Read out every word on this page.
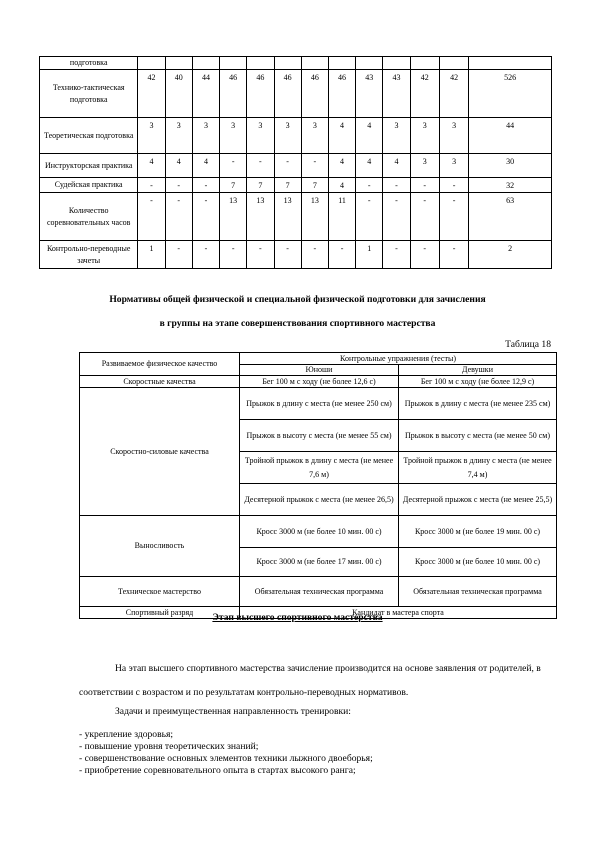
подготовка													
Технико-тактическая подготовка	42	40	44	46	46	46	46	46	43	43	42	42	526
Теоретическая подготовка	3	3	3	3	3	3	3	4	4	3	3	3	44
Инструкторская практика	4	4	4	-	-	-	-	4	4	4	3	3	30
Судейская практика	-	-	-	7	7	7	7	4	-	-	-	-	32
Количество соревновательных часов	-	-	-	13	13	13	13	11	-	-	-	-	63
Контрольно-переводные зачеты	1	-	-	-	-	-	-	-	1	-	-	-	2
Нормативы общей физической и специальной физической подготовки для зачисления
в группы на этапе совершенствования спортивного мастерства
Таблица 18
Развиваемое физическое качество	Контрольные упражнения (тесты)	
	Юноши	Девушки
Скоростные качества	Бег 100 м с ходу (не более 12,6 с)	Бег 100 м с ходу (не более 12,9 с)
Скоростно-силовые качества	Прыжок в длину с места (не менее 250 см)	Прыжок в длину с места (не менее 235 см)
	Прыжок в высоту с места (не менее 55 см)	Прыжок в высоту с места (не менее 50 см)
	Тройной прыжок в длину с места (не менее 7,6 м)	Тройной прыжок в длину с места (не менее 7,4 м)
	Десятерной прыжок с места (не менее 26,5)	Десятерной прыжок с места (не менее 25,5)
Выносливость	Кросс 3000 м (не более 10 мин. 00 с)	Кросс 3000 м (не более 19 мин. 00 с)
	Кросс 3000 м (не более 17 мин. 00 с)	Кросс 3000 м (не более 10 мин. 00 с)
Техническое мастерство	Обязательная техническая программа	Обязательная техническая программа
Спортивный разряд	Кандидат в мастера спорта	
Этап высшего спортивного мастерства
На этап высшего спортивного мастерства зачисление производится на основе заявления от родителей, в соответствии с возрастом и по результатам контрольно-переводных нормативов.
Задачи и преимущественная направленность тренировки:
- укрепление здоровья;
- повышение уровня теоретических знаний;
- совершенствование основных элементов техники лыжного двоеборья;
- приобретение соревновательного опыта в стартах высокого ранга;
